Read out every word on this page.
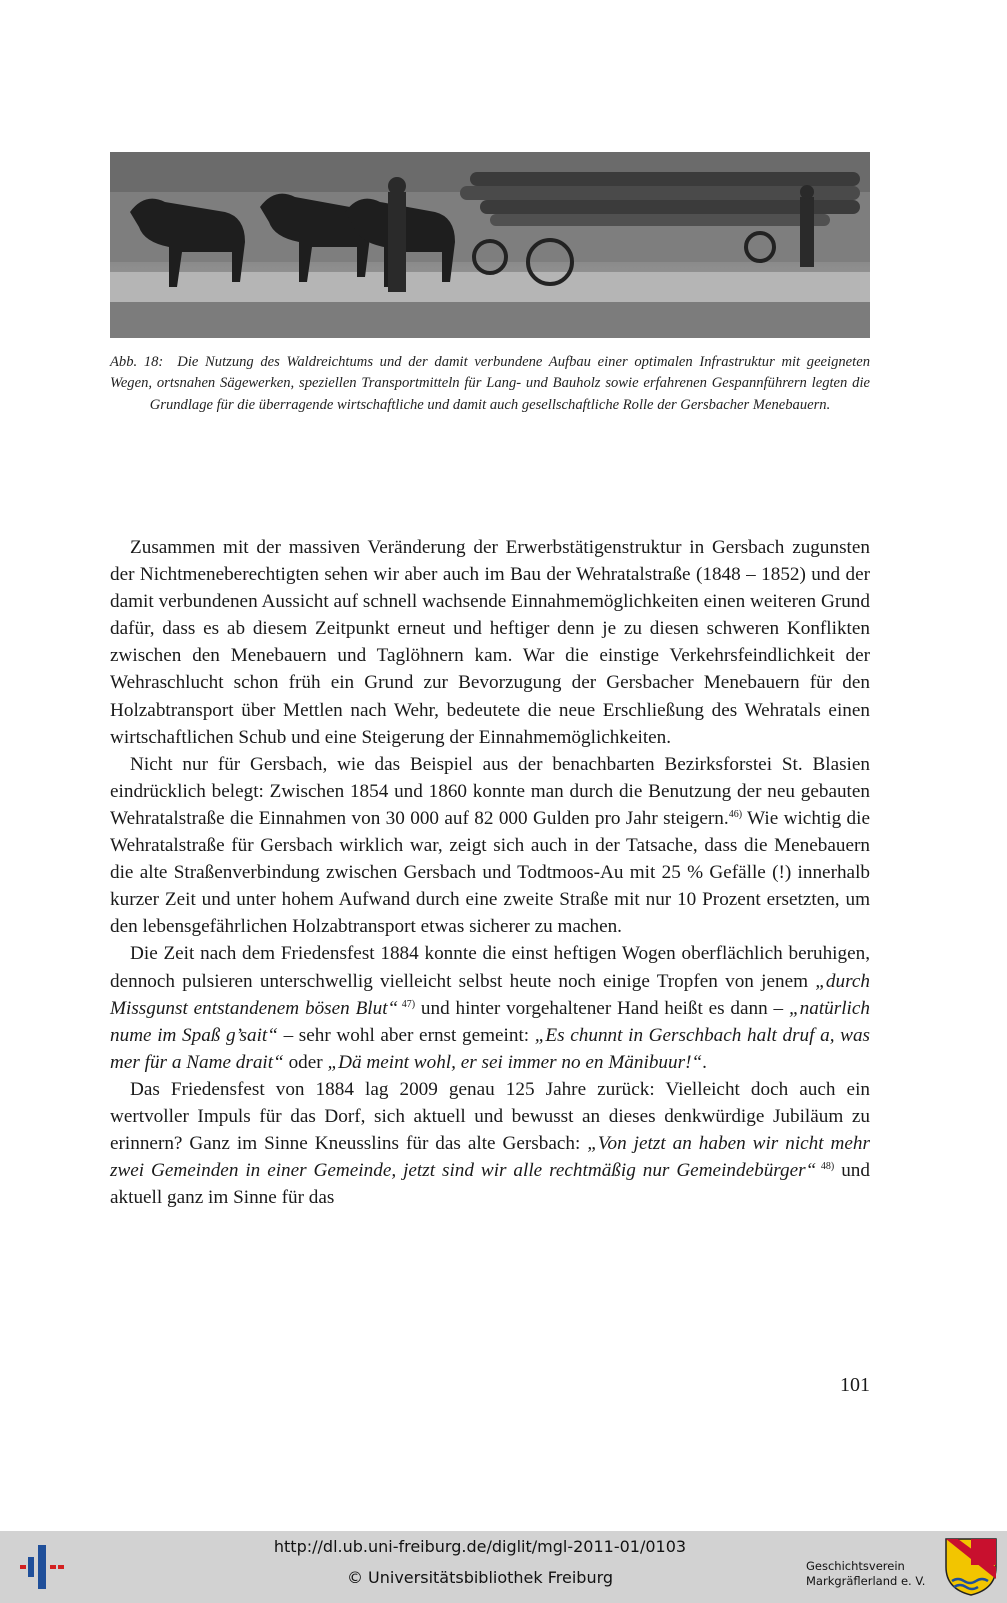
Abb. 18: Die Nutzung des Waldreichtums und der damit verbundene Aufbau einer optimalen Infrastruktur mit geeigneten Wegen, ortsnahen Sägewerken, speziellen Transportmitteln für Lang- und Bauholz sowie erfahrenen Gespannführern legten die Grundlage für die überragende wirtschaftliche und damit auch gesellschaftliche Rolle der Gersbacher Menebauern.

Zusammen mit der massiven Veränderung der Erwerbstätigenstruktur in Gersbach zugunsten der Nichtmeneberechtigten sehen wir aber auch im Bau der Wehratalstraße (1848 – 1852) und der damit verbundenen Aussicht auf schnell wachsende Einnahmemöglichkeiten einen weiteren Grund dafür, dass es ab diesem Zeitpunkt erneut und heftiger denn je zu diesen schweren Konflikten zwischen den Menebauern und Taglöhnern kam. War die einstige Verkehrsfeindlichkeit der Wehraschlucht schon früh ein Grund zur Bevorzugung der Gersbacher Menebauern für den Holzabtransport über Mettlen nach Wehr, bedeutete die neue Erschließung des Wehratals einen wirtschaftlichen Schub und eine Steigerung der Einnahmemöglichkeiten.

Nicht nur für Gersbach, wie das Beispiel aus der benachbarten Bezirksforstei St. Blasien eindrücklich belegt: Zwischen 1854 und 1860 konnte man durch die Benutzung der neu gebauten Wehratalstraße die Einnahmen von 30 000 auf 82 000 Gulden pro Jahr steigern.$^{46)}$ Wie wichtig die Wehratalstraße für Gersbach wirklich war, zeigt sich auch in der Tatsache, dass die Menebauern die alte Straßenverbindung zwischen Gersbach und Todtmoos-Au mit 25 % Gefälle (!) innerhalb kurzer Zeit und unter hohem Aufwand durch eine zweite Straße mit nur 10 Prozent ersetzten, um den lebensgefährlichen Holzabtransport etwas sicherer zu machen.

Die Zeit nach dem Friedensfest 1884 konnte die einst heftigen Wogen oberflächlich beruhigen, dennoch pulsieren unterschwellig vielleicht selbst heute noch einige Tropfen von jenem „durch Missgunst entstandenem bösen Blut“ $^{47)}$ und hinter vorgehaltener Hand heißt es dann – „natürlich nume im Spaß g’sait“ – sehr wohl aber ernst gemeint: „Es chunnt in Gerschbach halt druf a, was mer für a Name drait“ oder „Dä meint wohl, er sei immer no en Mänibuur!“.

Das Friedensfest von 1884 lag 2009 genau 125 Jahre zurück: Vielleicht doch auch ein wertvoller Impuls für das Dorf, sich aktuell und bewusst an dieses denkwürdige Jubiläum zu erinnern? Ganz im Sinne Kneusslins für das alte Gersbach: „Von jetzt an haben wir nicht mehr zwei Gemeinden in einer Gemeinde, jetzt sind wir alle rechtmäßig nur Gemeindebürger“ $^{48)}$ und aktuell ganz im Sinne für das

101
http://dl.ub.uni-freiburg.de/diglit/mgl-2011-01/0103
© Universitätsbibliothek Freiburg
Geschichtsverein
Markgräflerland e. V.
